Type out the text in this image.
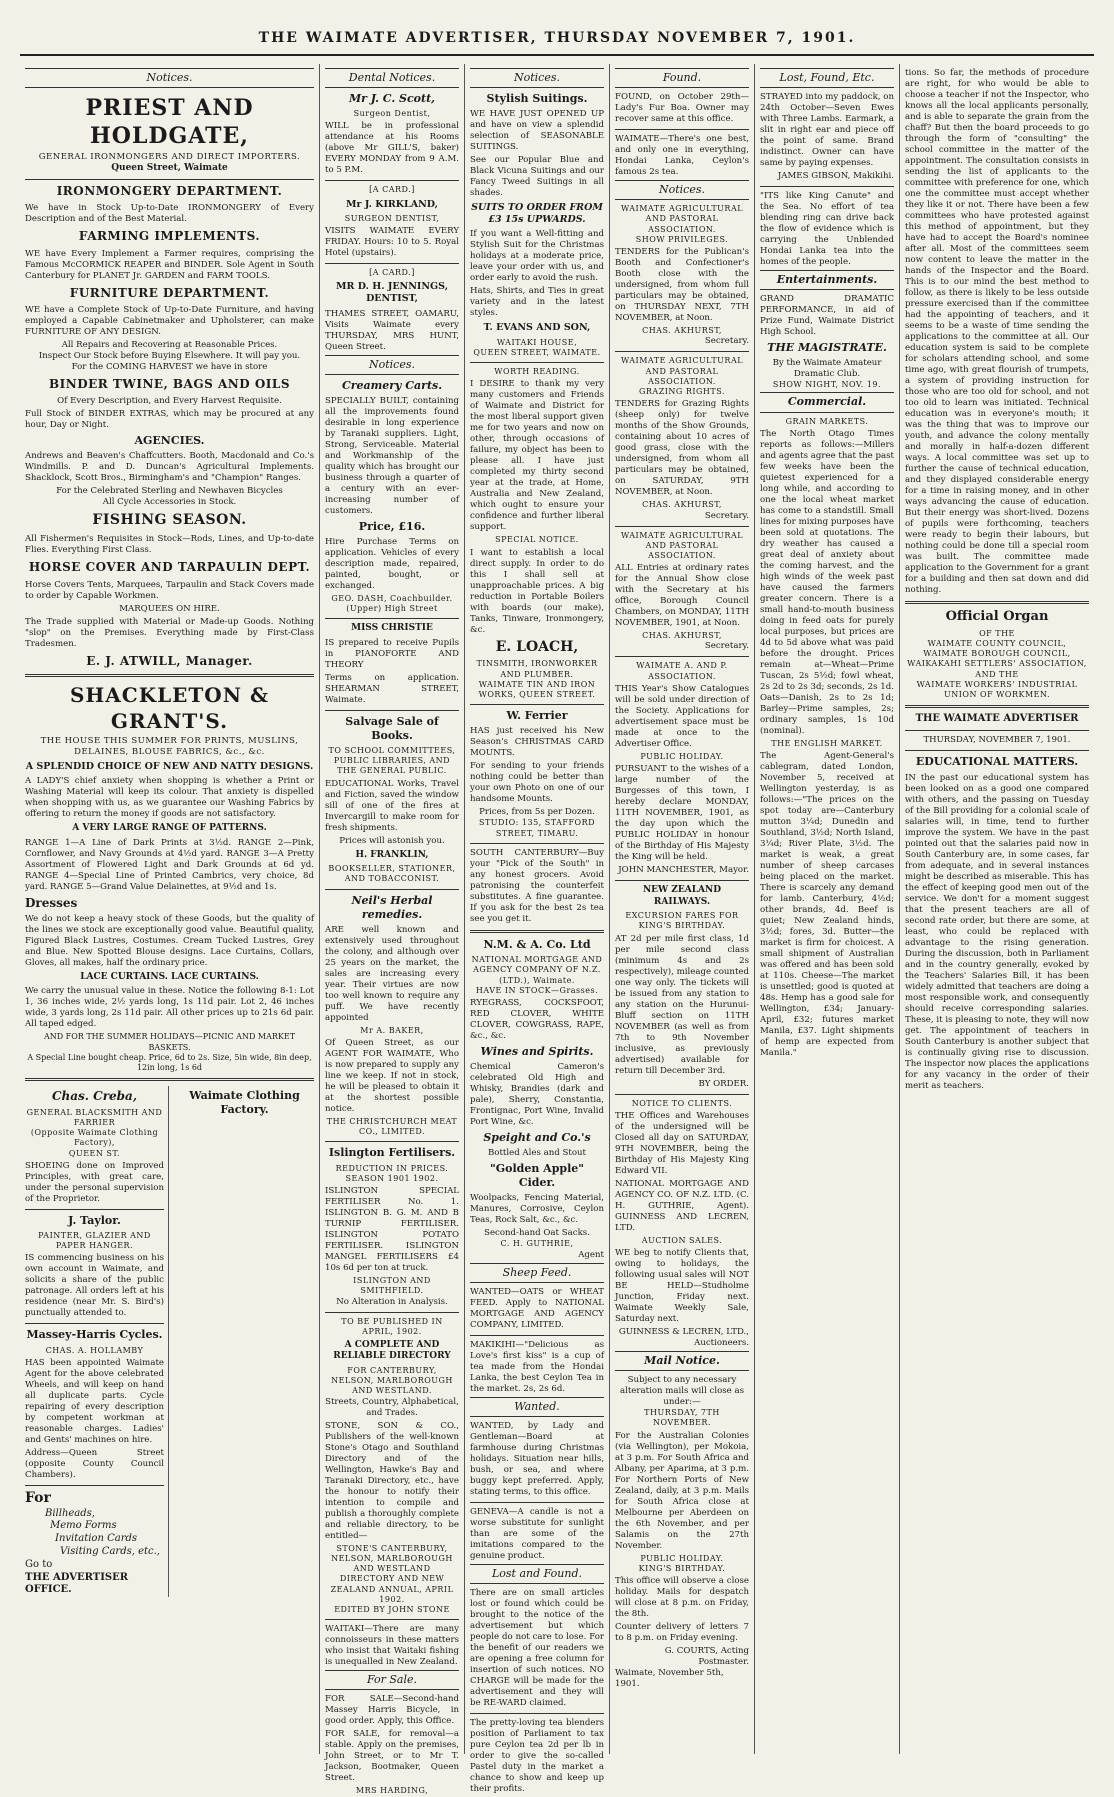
THE WAIMATE ADVERTISER, THURSDAY NOVEMBER 7, 1901.
Notices.
PRIEST AND HOLDGATE,
GENERAL IRONMONGERS AND DIRECT IMPORTERS.
Queen Street, Waimate
IRONMONGERY DEPARTMENT.

We have in Stock Up-to-Date IRONMONGERY of Every Description and of the Best Material.

FARMING IMPLEMENTS.

WE have Every Implement a Farmer requires, comprising the Famous McCORMICK REAPER and BINDER. Sole Agent in South Canterbury for PLANET Jr. GARDEN and FARM TOOLS.

FURNITURE DEPARTMENT.

WE have a Complete Stock of Up-to-Date Furniture, and having employed a Capable Cabinetmaker and Upholsterer, can make FURNITURE OF ANY DESIGN.

All Repairs and Recovering at Reasonable Prices.
Inspect Our Stock before Buying Elsewhere. It will pay you.
For the COMING HARVEST we have in store
BINDER TWINE, BAGS AND OILS
Of Every Description, and Every Harvest Requisite.

Full Stock of BINDER EXTRAS, which may be procured at any hour, Day or Night.

AGENCIES.

Andrews and Beaven's Chaffcutters. Booth, Macdonald and Co.'s Windmills. P. and D. Duncan's Agricultural Implements. Shacklock, Scott Bros., Birmingham's and "Champion" Ranges.

For the Celebrated Sterling and Newhaven Bicycles
All Cycle Accessories in Stock.
FISHING SEASON.

All Fishermen's Requisites in Stock—Rods, Lines, and Up-to-date Flies. Everything First Class.

HORSE COVER AND TARPAULIN DEPT.

Horse Covers Tents, Marquees, Tarpaulin and Stack Covers made to order by Capable Workmen.

MARQUEES ON HIRE.

The Trade supplied with Material or Made-up Goods. Nothing "slop" on the Premises. Everything made by First-Class Tradesmen.

E. J. ATWILL, Manager.
SHACKLETON & GRANT'S.
THE HOUSE THIS SUMMER FOR PRINTS, MUSLINS, DELAINES, BLOUSE FABRICS, &c., &c.
A SPLENDID CHOICE OF NEW AND NATTY DESIGNS.

A LADY'S chief anxiety when shopping is whether a Print or Washing Material will keep its colour. That anxiety is dispelled when shopping with us, as we guarantee our Washing Fabrics by offering to return the money if goods are not satisfactory.

A VERY LARGE RANGE OF PATTERNS.

RANGE 1—A Line of Dark Prints at 3½d. RANGE 2—Pink, Cornflower, and Navy Grounds at 4½d yard. RANGE 3—A Pretty Assortment of Flowered Light and Dark Grounds at 6d yd. RANGE 4—Special Line of Printed Cambrics, very choice, 8d yard. RANGE 5—Grand Value Delainettes, at 9½d and 1s.

Dresses

We do not keep a heavy stock of these Goods, but the quality of the lines we stock are exceptionally good value. Beautiful quality, Figured Black Lustres, Costumes. Cream Tucked Lustres, Grey and Blue. New Spotted Blouse designs. Lace Curtains, Collars, Gloves, all makes, half the ordinary price.

LACE CURTAINS. LACE CURTAINS.

We carry the unusual value in these. Notice the following 8-1: Lot 1, 36 inches wide, 2½ yards long, 1s 11d pair. Lot 2, 46 inches wide, 3 yards long, 2s 11d pair. All other prices up to 21s 6d pair. All taped edged.

AND FOR THE SUMMER HOLIDAYS—PICNIC AND MARKET BASKETS.
A Special Line bought cheap. Price, 6d to 2s. Size, 5in wide, 8in deep, 12in long, 1s 6d
Chas. Creba,
GENERAL BLACKSMITH AND FARRIER
(Opposite Waimate Clothing Factory),
QUEEN ST.

SHOEING done on Improved Principles, with great care, under the personal supervision of the Proprietor.

J. Taylor.
PAINTER, GLAZIER AND PAPER HANGER.

IS commencing business on his own account in Waimate, and solicits a share of the public patronage. All orders left at his residence (near Mr. S. Bird's) punctually attended to.

Massey-Harris Cycles.
CHAS. A. HOLLAMBY

HAS been appointed Waimate Agent for the above celebrated Wheels, and will keep on hand all duplicate parts. Cycle repairing of every description by competent workman at reasonable charges. Ladies' and Gents' machines on hire.

Address—Queen Street (opposite County Council Chambers).

For
Billheads,
Memo Forms
Invitation Cards
Visiting Cards, etc.,
Go to
THE ADVERTISER OFFICE.
Waimate Clothing Factory.
Dental Notices.
Mr J. C. Scott,
Surgeon Dentist,

WILL be in professional attendance at his Rooms (above Mr GILL'S, baker) EVERY MONDAY from 9 A.M. to 5 P.M.

[A CARD.]
Mr J. KIRKLAND,
SURGEON DENTIST,

VISITS WAIMATE EVERY FRIDAY. Hours: 10 to 5. Royal Hotel (upstairs).

[A CARD.]
MR D. H. JENNINGS, DENTIST,

THAMES STREET, OAMARU, Visits Waimate every THURSDAY, MRS HUNT, Queen Street.

Notices.
Creamery Carts.

SPECIALLY BUILT, containing all the improvements found desirable in long experience by Taranaki suppliers. Light, Strong, Serviceable. Material and Workmanship of the quality which has brought our business through a quarter of a century with an ever-increasing number of customers.

Price, £16.

Hire Purchase Terms on application. Vehicles of every description made, repaired, painted, bought, or exchanged.

GEO. DASH, Coachbuilder.
(Upper) High Street
MISS CHRISTIE

IS prepared to receive Pupils in PIANOFORTE AND THEORY

Terms on application. SHEARMAN STREET, Waimate.

Salvage Sale of Books.
TO SCHOOL COMMITTEES, PUBLIC LIBRARIES, AND THE GENERAL PUBLIC.

EDUCATIONAL Works, Travel and Fiction, saved the window sill of one of the fires at Invercargill to make room for fresh shipments.

Prices will astonish you.
H. FRANKLIN,
BOOKSELLER, STATIONER, AND TOBACCONIST.
Neil's Herbal remedies.

ARE well known and extensively used throughout the colony, and although over 25 years on the market, the sales are increasing every year. Their virtues are now too well known to require any puff. We have recently appointed

Mr A. BAKER,

Of Queen Street, as our AGENT FOR WAIMATE, Who is now prepared to supply any line we keep. If not in stock, he will be pleased to obtain it at the shortest possible notice.

THE CHRISTCHURCH MEAT CO., LIMITED.
Islington Fertilisers.
REDUCTION IN PRICES.
SEASON 1901 1902.

ISLINGTON SPECIAL FERTILISER No. 1. ISLINGTON B. G. M. AND B TURNIP FERTILISER. ISLINGTON POTATO FERTILISER. ISLINGTON MANGEL FERTILISERS £4 10s 6d per ton at truck.

ISLINGTON AND SMITHFIELD.
No Alteration in Analysis.
TO BE PUBLISHED IN APRIL, 1902.
A COMPLETE AND RELIABLE DIRECTORY
FOR CANTERBURY, NELSON, MARLBOROUGH AND WESTLAND.
Streets, Country, Alphabetical, and Trades.

STONE, SON & CO., Publishers of the well-known Stone's Otago and Southland Directory and of the Wellington, Hawke's Bay and Taranaki Directory, etc., have the honour to notify their intention to compile and publish a thoroughly complete and reliable directory, to be entitled—

STONE'S CANTERBURY, NELSON, MARLBOROUGH AND WESTLAND DIRECTORY AND NEW ZEALAND ANNUAL, APRIL 1902.
EDITED BY JOHN STONE

WAITAKI—There are many connoisseurs in these matters who insist that Waitaki fishing is unequalled in New Zealand.

For Sale.

FOR SALE—Second-hand Massey Harris Bicycle, in good order. Apply, this Office.

FOR SALE, for removal—a stable. Apply on the premises, John Street, or to Mr T. Jackson, Bootmaker, Queen Street.

MRS HARDING,
Notices.
Stylish Suitings.

WE HAVE JUST OPENED UP and have on view a splendid selection of SEASONABLE SUITINGS.

See our Popular Blue and Black Vicuna Suitings and our Fancy Tweed Suitings in all shades.

SUITS TO ORDER FROM £3 15s UPWARDS.

If you want a Well-fitting and Stylish Suit for the Christmas holidays at a moderate price, leave your order with us, and order early to avoid the rush.

Hats, Shirts, and Ties in great variety and in the latest styles.

T. EVANS AND SON,
WAITAKI HOUSE,
QUEEN STREET, WAIMATE.
WORTH READING.

I DESIRE to thank my very many customers and Friends of Waimate and District for the most liberal support given me for two years and now on other, through occasions of failure, my object has been to please all. I have just completed my thirty second year at the trade, at Home, Australia and New Zealand, which ought to ensure your confidence and further liberal support.

SPECIAL NOTICE.

I want to establish a local direct supply. In order to do this I shall sell at unapproachable prices. A big reduction in Portable Boilers with boards (our make), Tanks, Tinware, Ironmongery, &c.

E. LOACH,
TINSMITH, IRONWORKER AND PLUMBER.
WAIMATE TIN AND IRON WORKS, QUEEN STREET.
W. Ferrier

HAS just received his New Season's CHRISTMAS CARD MOUNTS.

For sending to your friends nothing could be better than your own Photo on one of our handsome Mounts.

Prices, from 5s per Dozen.
STUDIO: 135, STAFFORD STREET, TIMARU.

SOUTH CANTERBURY—Buy your "Pick of the South" in any honest grocers. Avoid patronising the counterfeit substitutes. A fine guarantee. If you ask for the best 2s tea see you get it.

N.M. & A. Co. Ltd
NATIONAL MORTGAGE AND AGENCY COMPANY OF N.Z. (LTD.), Waimate.
HAVE IN STOCK—Grasses.

RYEGRASS, COCKSFOOT, RED CLOVER, WHITE CLOVER, COWGRASS, RAPE, &c., &c.

Wines and Spirits.

Chemical Cameron's celebrated Old High and Whisky, Brandies (dark and pale), Sherry, Constantia, Frontignac, Port Wine, Invalid Port Wine, &c.

Speight and Co.'s
Bottled Ales and Stout
"Golden Apple" Cider.

Woolpacks, Fencing Material, Manures, Corrosive, Ceylon Teas, Rock Salt, &c., &c.

Second-hand Oat Sacks.
C. H. GUTHRIE,
Agent
Sheep Feed.

WANTED—OATS or WHEAT FEED. Apply to NATIONAL MORTGAGE AND AGENCY COMPANY, LIMITED.

MAKIKIHI—"Delicious as Love's first kiss" is a cup of tea made from the Hondai Lanka, the best Ceylon Tea in the market. 2s, 2s 6d.

Wanted.

WANTED, by Lady and Gentleman—Board at farmhouse during Christmas holidays. Situation near hills, bush, or sea, and where buggy kept preferred. Apply, stating terms, to this office.

GENEVA—A candle is not a worse substitute for sunlight than are some of the imitations compared to the genuine product.

Lost and Found.

There are on small articles lost or found which could be brought to the notice of the advertisement but which people do not care to lose. For the benefit of our readers we are opening a free column for insertion of such notices. NO CHARGE will be made for the advertisement and they will be RE-WARD claimed.

The pretty-loving tea blenders position of Parliament to tax pure Ceylon tea 2d per lb in order to give the so-called Pastel duty in the market a chance to show and keep up their profits.

Found.

FOUND, on October 29th—Lady's Fur Boa. Owner may recover same at this office.

WAIMATE—There's one best, and only one in everything, Hondai Lanka, Ceylon's famous 2s tea.

Notices.
WAIMATE AGRICULTURAL AND PASTORAL ASSOCIATION.
SHOW PRIVILEGES.

TENDERS for the Publican's Booth and Confectioner's Booth close with the undersigned, from whom full particulars may be obtained, on THURSDAY NEXT, 7TH NOVEMBER, at Noon.

CHAS. AKHURST,
Secretary.
WAIMATE AGRICULTURAL AND PASTORAL ASSOCIATION.
GRAZING RIGHTS.

TENDERS for Grazing Rights (sheep only) for twelve months of the Show Grounds, containing about 10 acres of good grass, close with the undersigned, from whom all particulars may be obtained, on SATURDAY, 9TH NOVEMBER, at Noon.

CHAS. AKHURST,
Secretary.
WAIMATE AGRICULTURAL AND PASTORAL ASSOCIATION.

ALL Entries at ordinary rates for the Annual Show close with the Secretary at his office, Borough Council Chambers, on MONDAY, 11TH NOVEMBER, 1901, at Noon.

CHAS. AKHURST,
Secretary.
WAIMATE A. AND P. ASSOCIATION.

THIS Year's Show Catalogues will be sold under direction of the Society. Applications for advertisement space must be made at once to the Advertiser Office.

PUBLIC HOLIDAY.

PURSUANT to the wishes of a large number of the Burgesses of this town, I hereby declare MONDAY, 11TH NOVEMBER, 1901, as the day upon which the PUBLIC HOLIDAY in honour of the Birthday of His Majesty the King will be held.

JOHN MANCHESTER, Mayor.
NEW ZEALAND RAILWAYS.
EXCURSION FARES FOR KING'S BIRTHDAY.

AT 2d per mile first class, 1d per mile second class (minimum 4s and 2s respectively), mileage counted one way only. The tickets will be issued from any station to any station on the Hurunui-Bluff section on 11TH NOVEMBER (as well as from 7th to 9th November inclusive, as previously advertised) available for return till December 3rd.

BY ORDER.
NOTICE TO CLIENTS.

THE Offices and Warehouses of the undersigned will be Closed all day on SATURDAY, 9TH NOVEMBER, being the Birthday of His Majesty King Edward VII.

NATIONAL MORTGAGE AND AGENCY CO. OF N.Z. LTD. (C. H. GUTHRIE, Agent). GUINNESS AND LECREN, LTD.

AUCTION SALES.

WE beg to notify Clients that, owing to holidays, the following usual sales will NOT BE HELD—Studholme Junction, Friday next. Waimate Weekly Sale, Saturday next.

GUINNESS & LECREN, LTD., Auctioneers.
Mail Notice.
Subject to any necessary alteration mails will close as under:—
THURSDAY, 7TH NOVEMBER.

For the Australian Colonies (via Wellington), per Mokoia, at 3 p.m. For South Africa and Albany, per Aparima, at 3 p.m. For Northern Ports of New Zealand, daily, at 3 p.m. Mails for South Africa close at Melbourne per Aberdeen on the 6th November, and per Salamis on the 27th November.

PUBLIC HOLIDAY.
KING'S BIRTHDAY.

This office will observe a close holiday. Mails for despatch will close at 8 p.m. on Friday, the 8th.

Counter delivery of letters 7 to 8 p.m. on Friday evening.

G. COURTS, Acting Postmaster.
Waimate, November 5th, 1901.
Lost, Found, Etc.

STRAYED into my paddock, on 24th October—Seven Ewes with Three Lambs. Earmark, a slit in right ear and piece off the point of same. Brand indistinct. Owner can have same by paying expenses.

JAMES GIBSON, Makikihi.

"ITS like King Canute" and the Sea. No effort of tea blending ring can drive back the flow of evidence which is carrying the Unblended Hondai Lanka tea into the homes of the people.

Entertainments.

GRAND DRAMATIC PERFORMANCE, in aid of Prize Fund, Waimate District High School.

THE MAGISTRATE.
By the Waimate Amateur Dramatic Club.
SHOW NIGHT, NOV. 19.
Commercial.
GRAIN MARKETS.

The North Otago Times reports as follows:—Millers and agents agree that the past few weeks have been the quietest experienced for a long while, and according to one the local wheat market has come to a standstill. Small lines for mixing purposes have been sold at quotations. The dry weather has caused a great deal of anxiety about the coming harvest, and the high winds of the week past have caused the farmers greater concern. There is a small hand-to-mouth business doing in feed oats for purely local purposes, but prices are 4d to 5d above what was paid before the drought. Prices remain at—Wheat—Prime Tuscan, 2s 5½d; fowl wheat, 2s 2d to 2s 3d; seconds, 2s 1d. Oats—Danish, 2s to 2s 1d; Barley—Prime samples, 2s; ordinary samples, 1s 10d (nominal).

THE ENGLISH MARKET.

The Agent-General's cablegram, dated London, November 5, received at Wellington yesterday, is as follows:—"The prices on the spot today are—Canterbury mutton 3¼d; Dunedin and Southland, 3½d; North Island, 3¼d; River Plate, 3½d. The market is weak, a great number of sheep carcases being placed on the market. There is scarcely any demand for lamb. Canterbury, 4½d; other brands, 4d. Beef is quiet; New Zealand hinds, 3½d; fores, 3d. Butter—the market is firm for choicest. A small shipment of Australian was offered and has been sold at 110s. Cheese—The market is unsettled; good is quoted at 48s. Hemp has a good sale for Wellington, £34; January-April, £32; futures market Manila, £37. Light shipments of hemp are expected from Manila."

tions. So far, the methods of procedure are right, for who would be able to choose a teacher if not the Inspector, who knows all the local applicants personally, and is able to separate the grain from the chaff? But then the board proceeds to go through the form of "consulting" the school committee in the matter of the appointment. The consultation consists in sending the list of applicants to the committee with preference for one, which one the committee must accept whether they like it or not. There have been a few committees who have protested against this method of appointment, but they have had to accept the Board's nominee after all. Most of the committees seem now content to leave the matter in the hands of the Inspector and the Board. This is to our mind the best method to follow, as there is likely to be less outside pressure exercised than if the committee had the appointing of teachers, and it seems to be a waste of time sending the applications to the committee at all. Our education system is said to be complete for scholars attending school, and some time ago, with great flourish of trumpets, a system of providing instruction for those who are too old for school, and not too old to learn was initiated. Technical education was in everyone's mouth; it was the thing that was to improve our youth, and advance the colony mentally and morally in half-a-dozen different ways. A local committee was set up to further the cause of technical education, and they displayed considerable energy for a time in raising money, and in other ways advancing the cause of education. But their energy was short-lived. Dozens of pupils were forthcoming, teachers were ready to begin their labours, but nothing could be done till a special room was built. The committee made application to the Government for a grant for a building and then sat down and did nothing.

Official Organ
OF THE
WAIMATE COUNTY COUNCIL,
WAIMATE BOROUGH COUNCIL,
WAIKAKAHI SETTLERS' ASSOCIATION,
AND THE
WAIMATE WORKERS' INDUSTRIAL UNION OF WORKMEN.
THE WAIMATE ADVERTISER
THURSDAY, NOVEMBER 7, 1901.
EDUCATIONAL MATTERS.

IN the past our educational system has been looked on as a good one compared with others, and the passing on Tuesday of the Bill providing for a colonial scale of salaries will, in time, tend to further improve the system. We have in the past pointed out that the salaries paid now in South Canterbury are, in some cases, far from adequate, and in several instances might be described as miserable. This has the effect of keeping good men out of the service. We don't for a moment suggest that the present teachers are all of second rate order, but there are some, at least, who could be replaced with advantage to the rising generation. During the discussion, both in Parliament and in the country generally, evoked by the Teachers' Salaries Bill, it has been widely admitted that teachers are doing a most responsible work, and consequently should receive corresponding salaries. These, it is pleasing to note, they will now get. The appointment of teachers in South Canterbury is another subject that is continually giving rise to discussion. The inspector now places the applications for any vacancy in the order of their merit as teachers.
